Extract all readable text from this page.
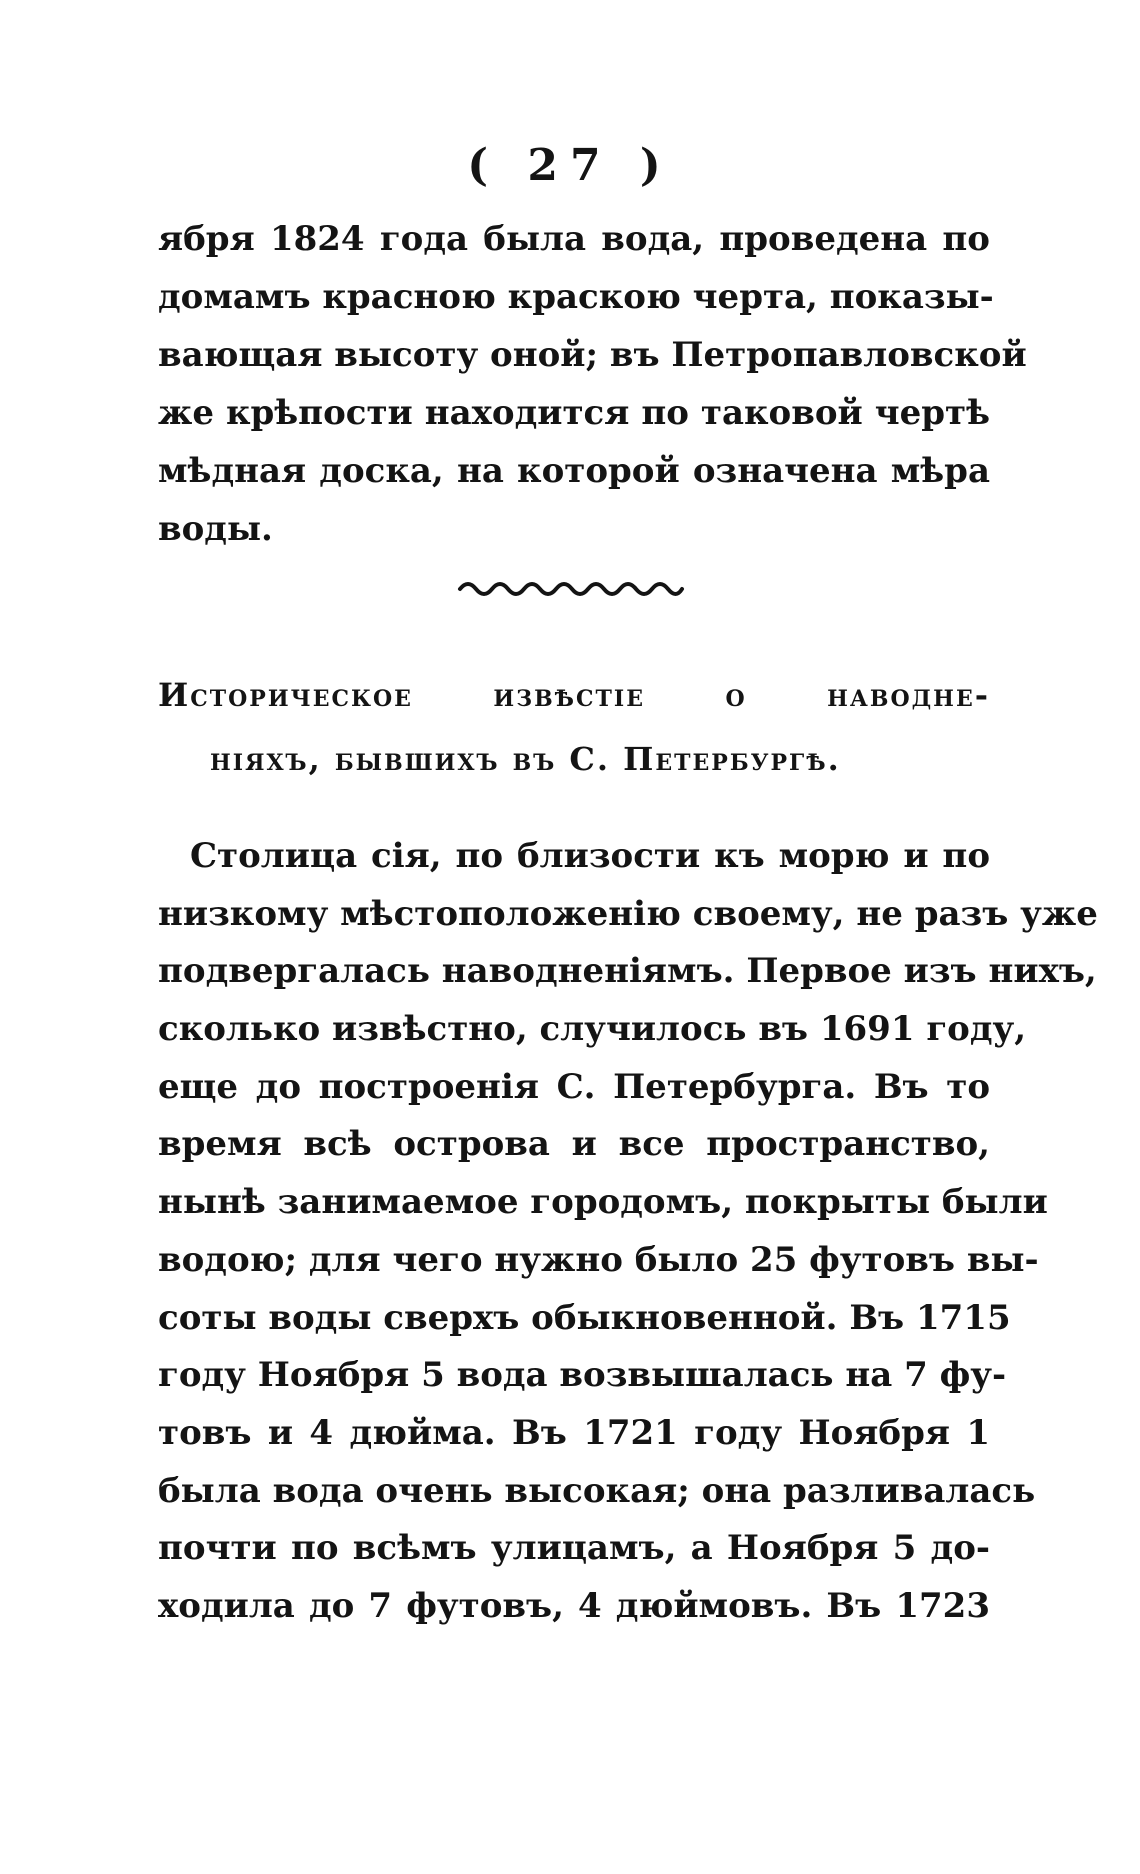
( 27 )
ября 1824 года была вода, проведена по
домамъ красною краскою черта, показы-
вающая высоту оной; въ Петропавловской
же крѣпости находится по таковой чертѣ
мѣдная доска, на которой означена мѣра
воды.
Историческое извѣстіе о наводне-
ніяхъ, бывшихъ въ С. Петербургѣ.
Столица сія, по близости къ морю и по
низкому мѣстоположенію своему, не разъ уже
подвергалась наводненіямъ. Первое изъ нихъ,
сколько извѣстно, случилось въ 1691 году,
еще до построенія С. Петербурга. Въ то
время всѣ острова и все пространство,
нынѣ занимаемое городомъ, покрыты были
водою; для чего нужно было 25 футовъ вы-
соты воды сверхъ обыкновенной. Въ 1715
году Ноября 5 вода возвышалась на 7 фу-
товъ и 4 дюйма. Въ 1721 году Ноября 1
была вода очень высокая; она разливалась
почти по всѣмъ улицамъ, а Ноября 5 до-
ходила до 7 футовъ, 4 дюймовъ. Въ 1723
